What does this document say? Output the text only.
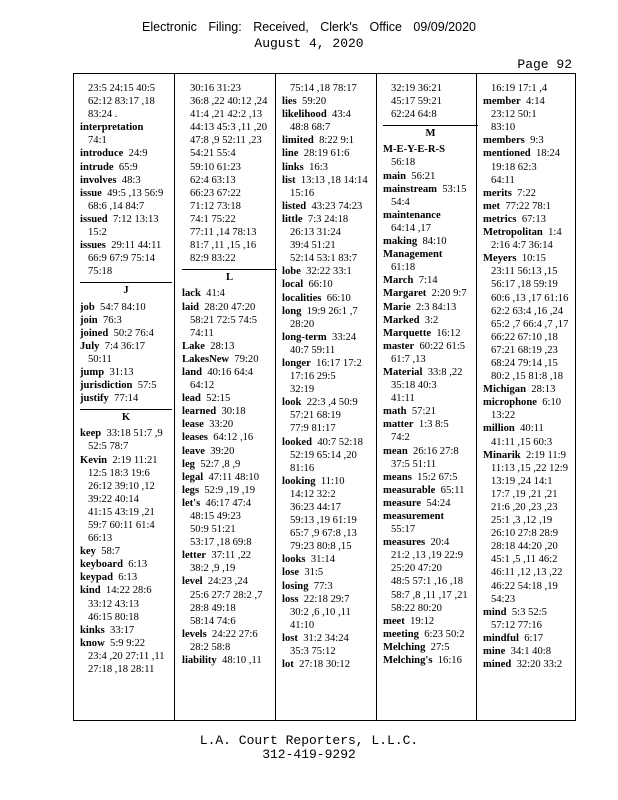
Electronic Filing: Received, Clerk's Office 09/09/2020
August 4, 2020
Page 92
23:5 24:15 40:5
62:12 83:17 ,18
83:24 .
interpretation
74:1
introduce 24:9
intrude 65:9
involves 48:3
issue 49:5 ,13 56:9
68:6 ,14 84:7
issued 7:12 13:13
15:2
issues 29:11 44:11
66:9 67:9 75:14
75:18
J
job 54:7 84:10
join 76:3
joined 50:2 76:4
July 7:4 36:17
50:11
jump 31:13
jurisdiction 57:5
justify 77:14
K
keep 33:18 51:7 ,9
52:5 78:7
Kevin 2:19 11:21
12:5 18:3 19:6
26:12 39:10 ,12
39:22 40:14
41:15 43:19 ,21
59:7 60:11 61:4
66:13
key 58:7
keyboard 6:13
keypad 6:13
kind 14:22 28:6
33:12 43:13
46:15 80:18
kinks 33:17
know 5:9 9:22
23:4 ,20 27:11 ,11
27:18 ,18 28:11
30:16 31:23
36:8 ,22 40:12 ,24
41:4 ,21 42:2 ,13
44:13 45:3 ,11 ,20
47:8 ,9 52:11 ,23
54:21 55:4
59:10 61:23
62:4 63:13
66:23 67:22
71:12 73:18
74:1 75:22
77:11 ,14 78:13
81:7 ,11 ,15 ,16
82:9 83:22
L
lack 41:4
laid 28:20 47:20
58:21 72:5 74:5
74:11
Lake 28:13
LakesNew 79:20
land 40:16 64:4
64:12
lead 52:15
learned 30:18
lease 33:20
leases 64:12 ,16
leave 39:20
leg 52:7 ,8 ,9
legal 47:11 48:10
legs 52:9 ,19 ,19
let's 46:17 47:4
48:15 49:23
50:9 51:21
53:17 ,18 69:8
letter 37:11 ,22
38:2 ,9 ,19
level 24:23 ,24
25:6 27:7 28:2 ,7
28:8 49:18
58:14 74:6
levels 24:22 27:6
28:2 58:8
liability 48:10 ,11
75:14 ,18 78:17
lies 59:20
likelihood 43:4
48:8 68:7
limited 8:22 9:1
line 28:19 61:6
links 16:3
list 13:13 ,18 14:14
15:16
listed 43:23 74:23
little 7:3 24:18
26:13 31:24
39:4 51:21
52:14 53:1 83:7
lobe 32:22 33:1
local 66:10
localities 66:10
long 19:9 26:1 ,7
28:20
long-term 33:24
40:7 59:11
longer 16:17 17:2
17:16 29:5
32:19
look 22:3 ,4 50:9
57:21 68:19
77:9 81:17
looked 40:7 52:18
52:19 65:14 ,20
81:16
looking 11:10
14:12 32:2
36:23 44:17
59:13 ,19 61:19
65:7 ,9 67:8 ,13
79:23 80:8 ,15
looks 31:14
lose 31:5
losing 77:3
loss 22:18 29:7
30:2 ,6 ,10 ,11
41:10
lost 31:2 34:24
35:3 75:12
lot 27:18 30:12
32:19 36:21
45:17 59:21
62:24 64:8
M
M-E-Y-E-R-S
56:18
main 56:21
mainstream 53:15
54:4
maintenance
64:14 ,17
making 84:10
Management
61:18
March 7:14
Margaret 2:20 9:7
Marie 2:3 84:13
Marked 3:2
Marquette 16:12
master 60:22 61:5
61:7 ,13
Material 33:8 ,22
35:18 40:3
41:11
math 57:21
matter 1:3 8:5
74:2
mean 26:16 27:8
37:5 51:11
means 15:2 67:5
measurable 65:11
measure 54:24
measurement
55:17
measures 20:4
21:2 ,13 ,19 22:9
25:20 47:20
48:5 57:1 ,16 ,18
58:7 ,8 ,11 ,17 ,21
58:22 80:20
meet 19:12
meeting 6:23 50:2
Melching 27:5
Melching's 16:16
16:19 17:1 ,4
member 4:14
23:12 50:1
83:10
members 9:3
mentioned 18:24
19:18 62:3
64:11
merits 7:22
met 77:22 78:1
metrics 67:13
Metropolitan 1:4
2:16 4:7 36:14
Meyers 10:15
23:11 56:13 ,15
56:17 ,18 59:19
60:6 ,13 ,17 61:16
62:2 63:4 ,16 ,24
65:2 ,7 66:4 ,7 ,17
66:22 67:10 ,18
67:21 68:19 ,23
68:24 79:14 ,15
80:2 ,15 81:8 ,18
Michigan 28:13
microphone 6:10
13:22
million 40:11
41:11 ,15 60:3
Minarik 2:19 11:9
11:13 ,15 ,22 12:9
13:19 ,24 14:1
17:7 ,19 ,21 ,21
21:6 ,20 ,23 ,23
25:1 ,3 ,12 ,19
26:10 27:8 28:9
28:18 44:20 ,20
45:1 ,5 ,11 46:2
46:11 ,12 ,13 ,22
46:22 54:18 ,19
54:23
mind 5:3 52:5
57:12 77:16
mindful 6:17
mine 34:1 40:8
mined 32:20 33:2
L.A. Court Reporters, L.L.C.
312-419-9292
